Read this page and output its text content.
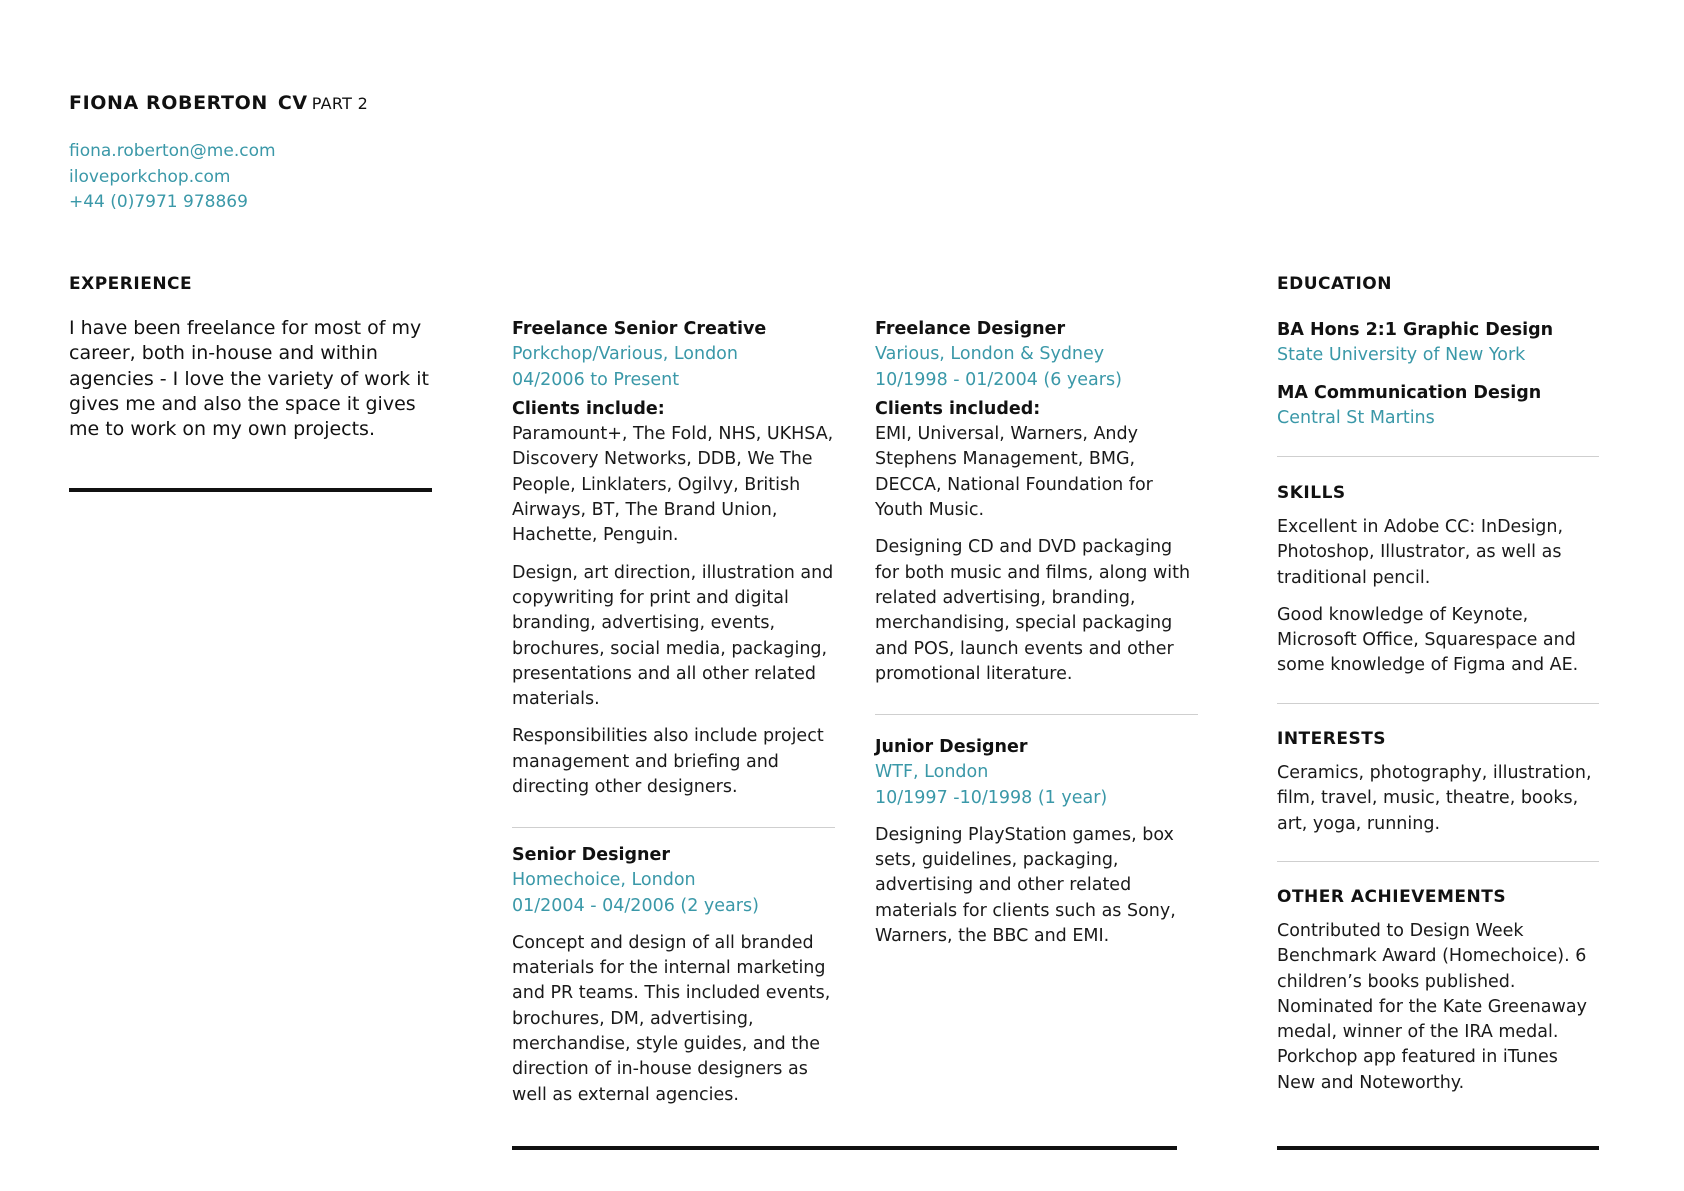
FIONA ROBERTON CV PART 2
fiona.roberton@me.com
iloveporkchop.com
+44 (0)7971 978869
EXPERIENCE
I have been freelance for most of my career, both in-house and within agencies - I love the variety of work it gives me and also the space it gives me to work on my own projects.

Freelance Senior Creative

Porkchop/Various, London

04/2006 to Present

Clients include:

Paramount+, The Fold, NHS, UKHSA, Discovery Networks, DDB, We The People, Linklaters, Ogilvy, British Airways, BT, The Brand Union, Hachette, Penguin.

Design, art direction, illustration and copywriting for print and digital branding, advertising, events, brochures, social media, packaging, presentations and all other related materials.

Responsibilities also include project management and briefing and directing other designers.

Senior Designer

Homechoice, London

01/2004 - 04/2006 (2 years)

Concept and design of all branded materials for the internal marketing and PR teams. This included events, brochures, DM, advertising, merchandise, style guides, and the direction of in-house designers as well as external agencies.

Freelance Designer

Various, London & Sydney

10/1998 - 01/2004 (6 years)

Clients included:

EMI, Universal, Warners, Andy Stephens Management, BMG, DECCA, National Foundation for Youth Music.

Designing CD and DVD packaging for both music and films, along with related advertising, branding, merchandising, special packaging and POS, launch events and other promotional literature.

Junior Designer

WTF, London

10/1997 -10/1998 (1 year)

Designing PlayStation games, box sets, guidelines, packaging, advertising and other related materials for clients such as Sony, Warners, the BBC and EMI.

EDUCATION
BA Hons 2:1 Graphic Design
State University of New York
MA Communication Design
Central St Martins
SKILLS

Excellent in Adobe CC: InDesign, Photoshop, Illustrator, as well as traditional pencil.

Good knowledge of Keynote, Microsoft Office, Squarespace and some knowledge of Figma and AE.

INTERESTS
Ceramics, photography, illustration, film, travel, music, theatre, books, art, yoga, running.
OTHER ACHIEVEMENTS
Contributed to Design Week Benchmark Award (Homechoice). 6 children’s books published. Nominated for the Kate Greenaway medal, winner of the IRA medal. Porkchop app featured in iTunes New and Noteworthy.
